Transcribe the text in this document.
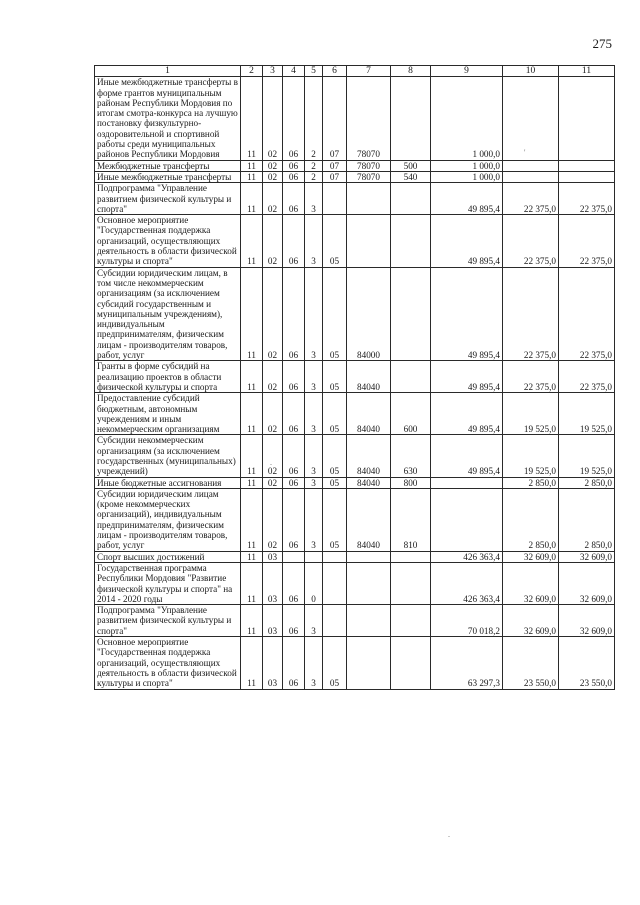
275
1	2	3	4	5	6	7	8	9	10	11
Иные межбюджетные трансферты в форме грантов муниципальным районам Республики Мордовия по итогам смотра-конкурса на лучшую постановку физкультурно-оздоровительной и спортивной работы среди муниципальных районов Республики Мордовия	11	02	06	2	07	78070		1 000,0		
Межбюджетные трансферты	11	02	06	2	07	78070	500	1 000,0		
Иные межбюджетные трансферты	11	02	06	2	07	78070	540	1 000,0		
Подпрограмма "Управление развитием физической культуры и спорта"	11	02	06	3				49 895,4	22 375,0	22 375,0
Основное мероприятие "Государственная поддержка организаций, осуществляющих деятельность в области физической культуры и спорта"	11	02	06	3	05			49 895,4	22 375,0	22 375,0
Субсидии юридическим лицам, в том числе некоммерческим организациям (за исключением субсидий государственным и муниципальным учреждениям), индивидуальным предпринимателям, физическим лицам - производителям товаров, работ, услуг	11	02	06	3	05	84000		49 895,4	22 375,0	22 375,0
Гранты в форме субсидий на реализацию проектов в области физической культуры и спорта	11	02	06	3	05	84040		49 895,4	22 375,0	22 375,0
Предоставление субсидий бюджетным, автономным учреждениям и иным некоммерческим организациям	11	02	06	3	05	84040	600	49 895,4	19 525,0	19 525,0
Субсидии некоммерческим организациям (за исключением государственных (муниципальных) учреждений)	11	02	06	3	05	84040	630	49 895,4	19 525,0	19 525,0
Иные бюджетные ассигнования	11	02	06	3	05	84040	800		2 850,0	2 850,0
Субсидии юридическим лицам (кроме некоммерческих организаций), индивидуальным предпринимателям, физическим лицам - производителям товаров, работ, услуг	11	02	06	3	05	84040	810		2 850,0	2 850,0
Спорт высших достижений	11	03						426 363,4	32 609,0	32 609,0
Государственная программа Республики Мордовия "Развитие физической культуры и спорта" на 2014 - 2020 годы	11	03	06	0				426 363,4	32 609,0	32 609,0
Подпрограмма "Управление развитием физической культуры и спорта"	11	03	06	3				70 018,2	32 609,0	32 609,0
Основное мероприятие "Государственная поддержка организаций, осуществляющих деятельность в области физической культуры и спорта"	11	03	06	3	05			63 297,3	23 550,0	23 550,0
'
.
.
